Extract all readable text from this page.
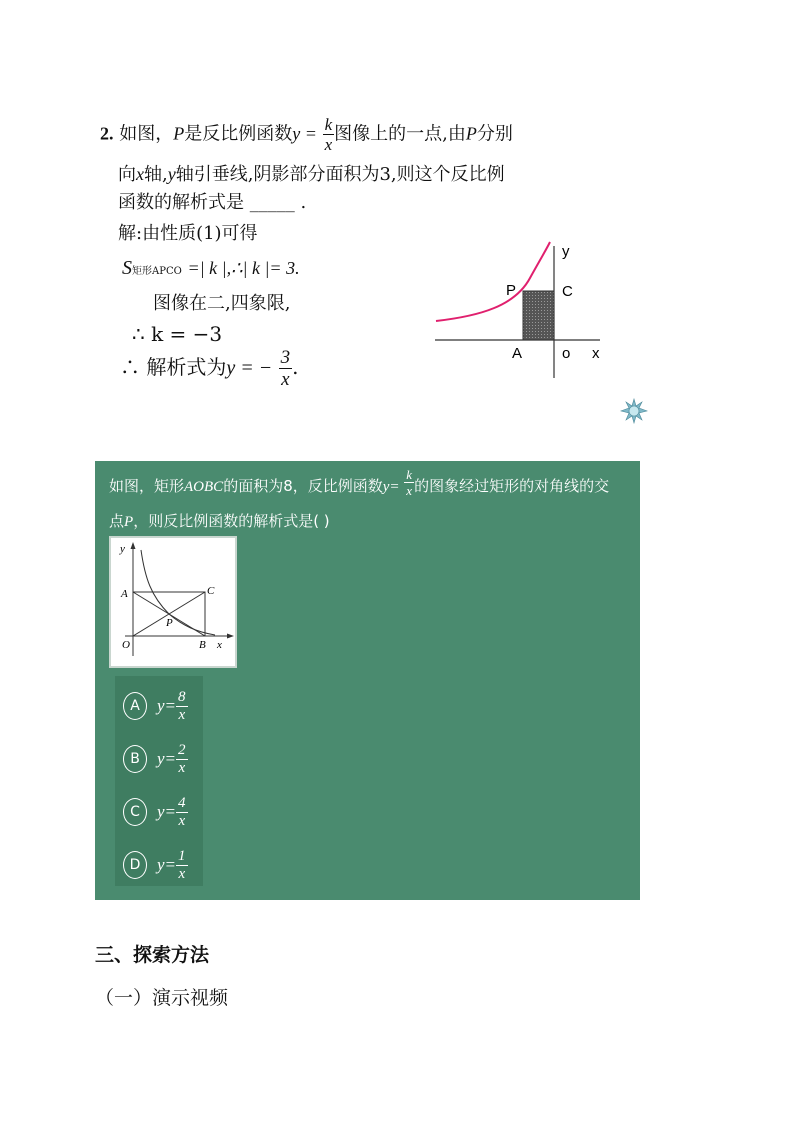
2. 如图，P是反比例函数$y = \frac{k}{x}$ 图像上的一点,由P分别
向x轴,y轴引垂线,阴影部分面积为3,则这个反比例
函数的解析式是 _____ .
解:由性质(1)可得
S矩形APCO =| k |,∴| k |= 3.
图像在二,四象限,
∴ k = −3
∴ 解析式为y = − $\frac{3}{x}$ .
y
P	C
A	o x
如图，矩形AOBC的面积为8，反比例函数$y= \frac{k}{x}$ 的图象经过矩形的对角线的交
点P，则反比例函数的解析式是( )
y
A	C
P
O	B x
A	$y= \frac{8}{x}$
B	$y= \frac{2}{x}$
C	$y= \frac{4}{x}$
D $y= \frac{1}{x}$
三、探索方法
（一）演示视频
